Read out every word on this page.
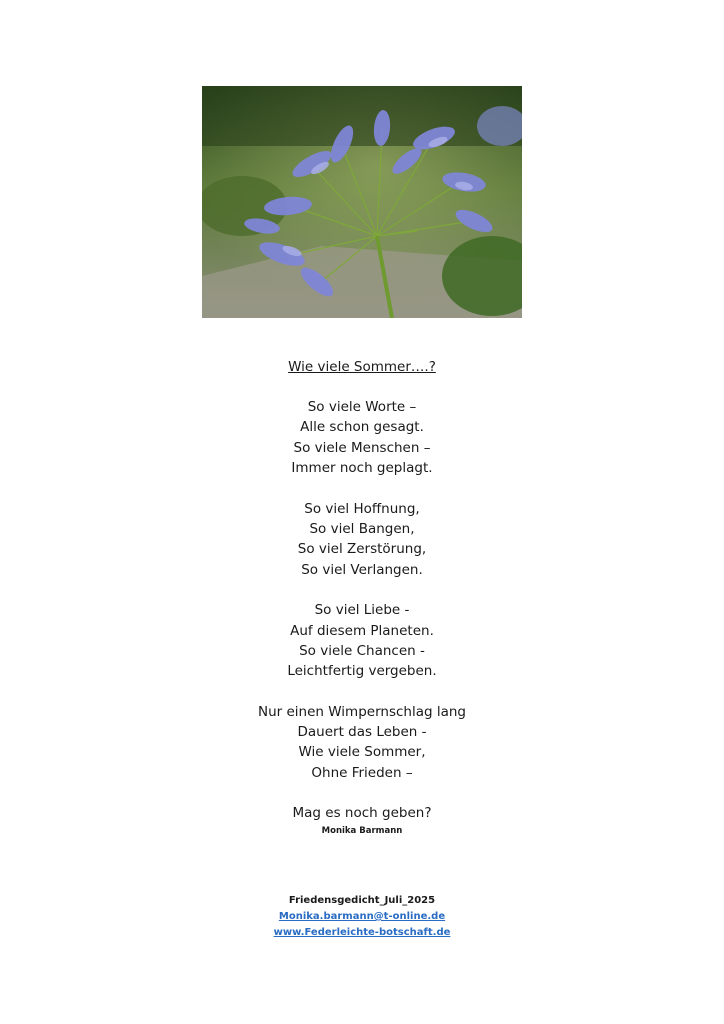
Wie viele Sommer….?
So viele Worte –
Alle schon gesagt.
So viele Menschen –
Immer noch geplagt.
So viel Hoffnung,
So viel Bangen,
So viel Zerstörung,
So viel Verlangen.
So viel Liebe -
Auf diesem Planeten.
So viele Chancen -
Leichtfertig vergeben.
Nur einen Wimpernschlag lang
Dauert das Leben -
Wie viele Sommer,
Ohne Frieden –
Mag es noch geben?
Monika Barmann
Friedensgedicht_Juli_2025
Monika.barmann@t-online.de
www.Federleichte-botschaft.de
